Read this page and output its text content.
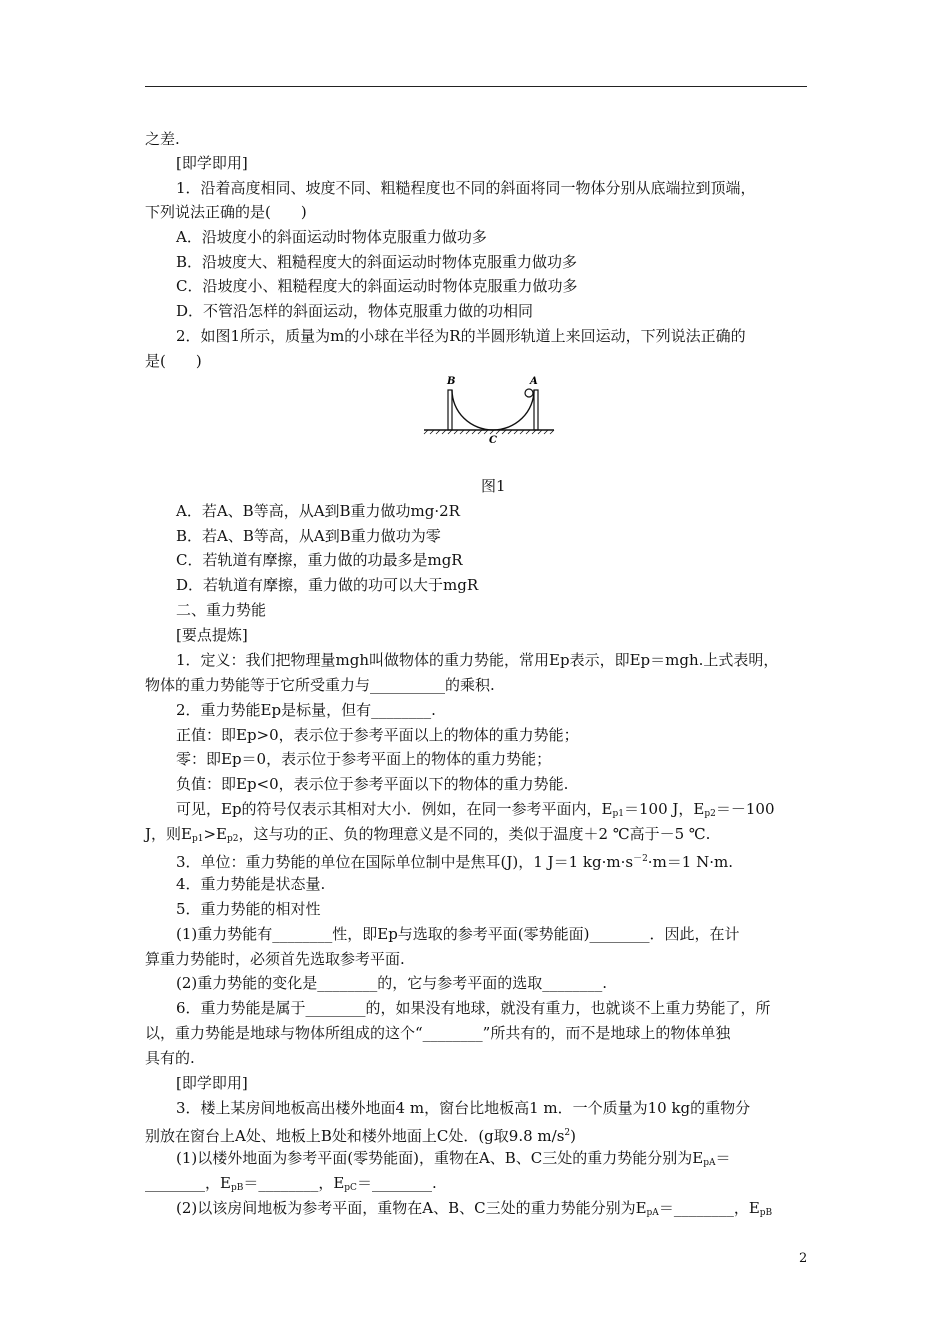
之差.
[即学即用]
1．沿着高度相同、坡度不同、粗糙程度也不同的斜面将同一物体分别从底端拉到顶端，
下列说法正确的是(　　)
A．沿坡度小的斜面运动时物体克服重力做功多
B．沿坡度大、粗糙程度大的斜面运动时物体克服重力做功多
C．沿坡度小、粗糙程度大的斜面运动时物体克服重力做功多
D．不管沿怎样的斜面运动，物体克服重力做的功相同
2．如图1所示，质量为m的小球在半径为R的半圆形轨道上来回运动，下列说法正确的
是(　　)
B	A
C
图1
A．若A、B等高，从A到B重力做功mg·2R
B．若A、B等高，从A到B重力做功为零
C．若轨道有摩擦，重力做的功最多是mgR
D．若轨道有摩擦，重力做的功可以大于mgR
二、重力势能
[要点提炼]
1．定义：我们把物理量mgh叫做物体的重力势能，常用Ep表示，即Ep＝mgh.上式表明，
物体的重力势能等于它所受重力与__________的乘积.
2．重力势能Ep是标量，但有________.
正值：即Ep>0，表示位于参考平面以上的物体的重力势能；
零：即Ep＝0，表示位于参考平面上的物体的重力势能；
负值：即Ep<0，表示位于参考平面以下的物体的重力势能.
可见，Ep的符号仅表示其相对大小．例如，在同一参考平面内，$E_{p1}=100$ J，$E_{p2}=-100$
J，则$E_{p1}>E_{p2}$，这与功的正、负的物理意义是不同的，类似于温度＋2 ℃高于－5 ℃.
3．单位：重力势能的单位在国际单位制中是焦耳(J)，1 J＝1 $kg\cdot m\cdot s^{-2}\cdot m=1$ N·m.
4．重力势能是状态量.
5．重力势能的相对性
(1)重力势能有________性，即Ep与选取的参考平面(零势能面)________．因此，在计
算重力势能时，必须首先选取参考平面.
(2)重力势能的变化是________的，它与参考平面的选取________.
6．重力势能是属于________的，如果没有地球，就没有重力，也就谈不上重力势能了，所
以，重力势能是地球与物体所组成的这个“________”所共有的，而不是地球上的物体单独
具有的.
[即学即用]
3．楼上某房间地板高出楼外地面4 m，窗台比地板高1 m．一个质量为10 kg的重物分
别放在窗台上A处、地板上B处和楼外地面上C处．(g取9.8 $m/s^2$)
(1)以楼外地面为参考平面(零势能面)，重物在A、B、C三处的重力势能分别为$E_{pA}=$
________，$E_{pB}=\_\_\_\_\_\_\_\_$，$E_{pC}=\_\_\_\_\_\_\_\_$.
(2)以该房间地板为参考平面，重物在A、B、C三处的重力势能分别为$E_{pA}=\_\_\_\_\_\_\_\_$，$E_{pB}$
2
